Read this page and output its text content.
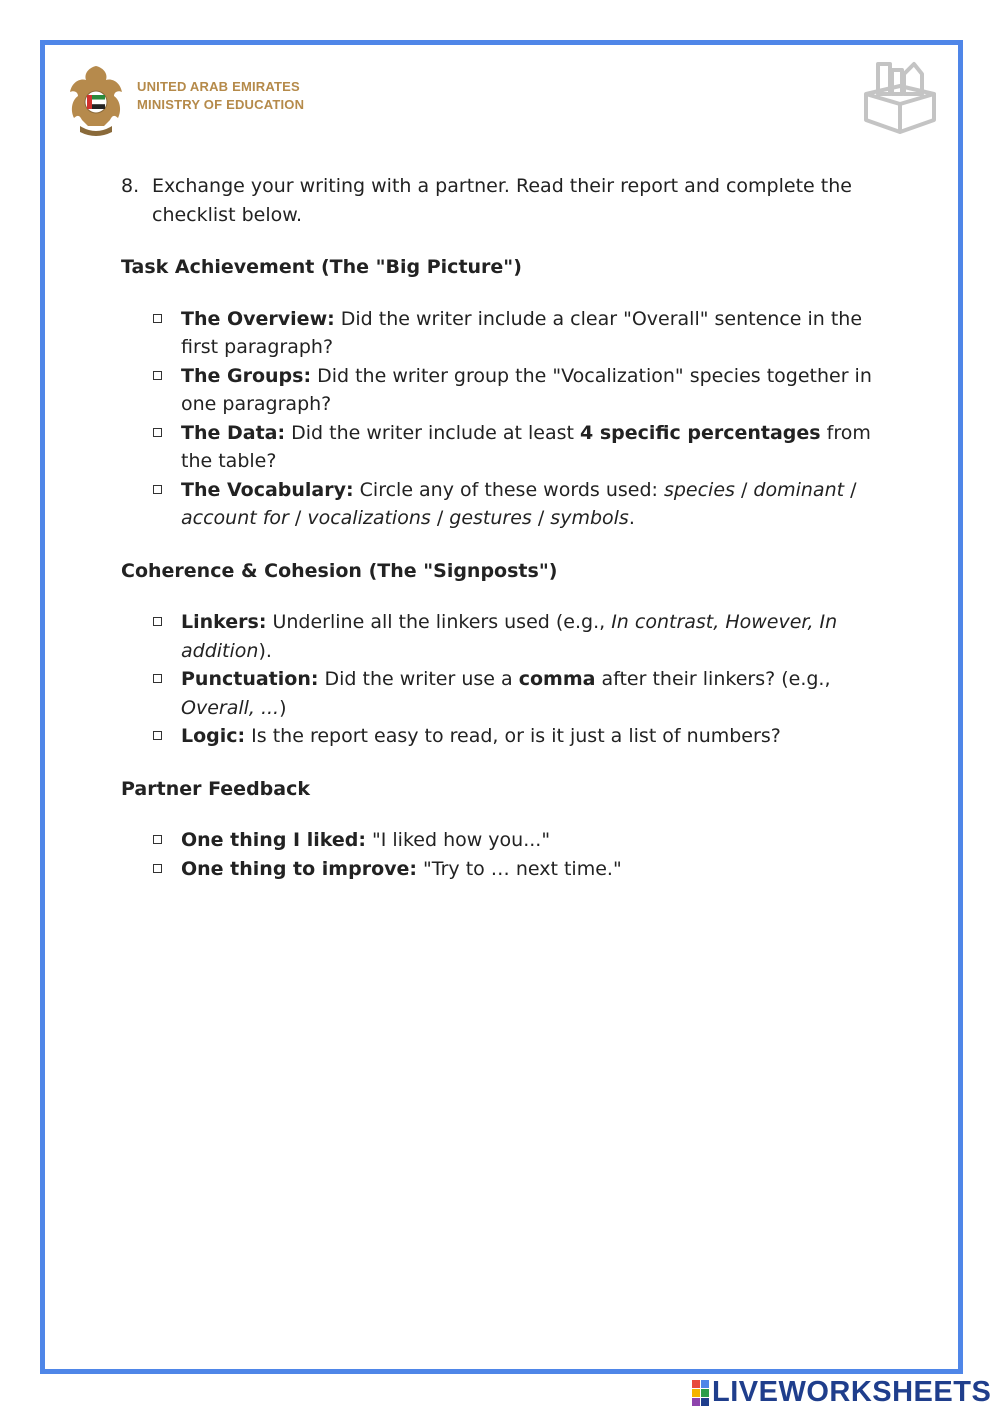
UNITED ARAB EMIRATES
MINISTRY OF EDUCATION
8. Exchange your writing with a partner. Read their report and complete the checklist below.
Task Achievement (The "Big Picture")
The Overview: Did the writer include a clear "Overall" sentence in the first paragraph?
The Groups: Did the writer group the "Vocalization" species together in one paragraph?
The Data: Did the writer include at least 4 specific percentages from the table?
The Vocabulary: Circle any of these words used: species / dominant / account for / vocalizations / gestures / symbols.
Coherence & Cohesion (The "Signposts")
Linkers: Underline all the linkers used (e.g., In contrast, However, In addition).
Punctuation: Did the writer use a comma after their linkers? (e.g., Overall, ...)
Logic: Is the report easy to read, or is it just a list of numbers?
Partner Feedback
One thing I liked: "I liked how you..."
One thing to improve: "Try to … next time."
LIVEWORKSHEETS
